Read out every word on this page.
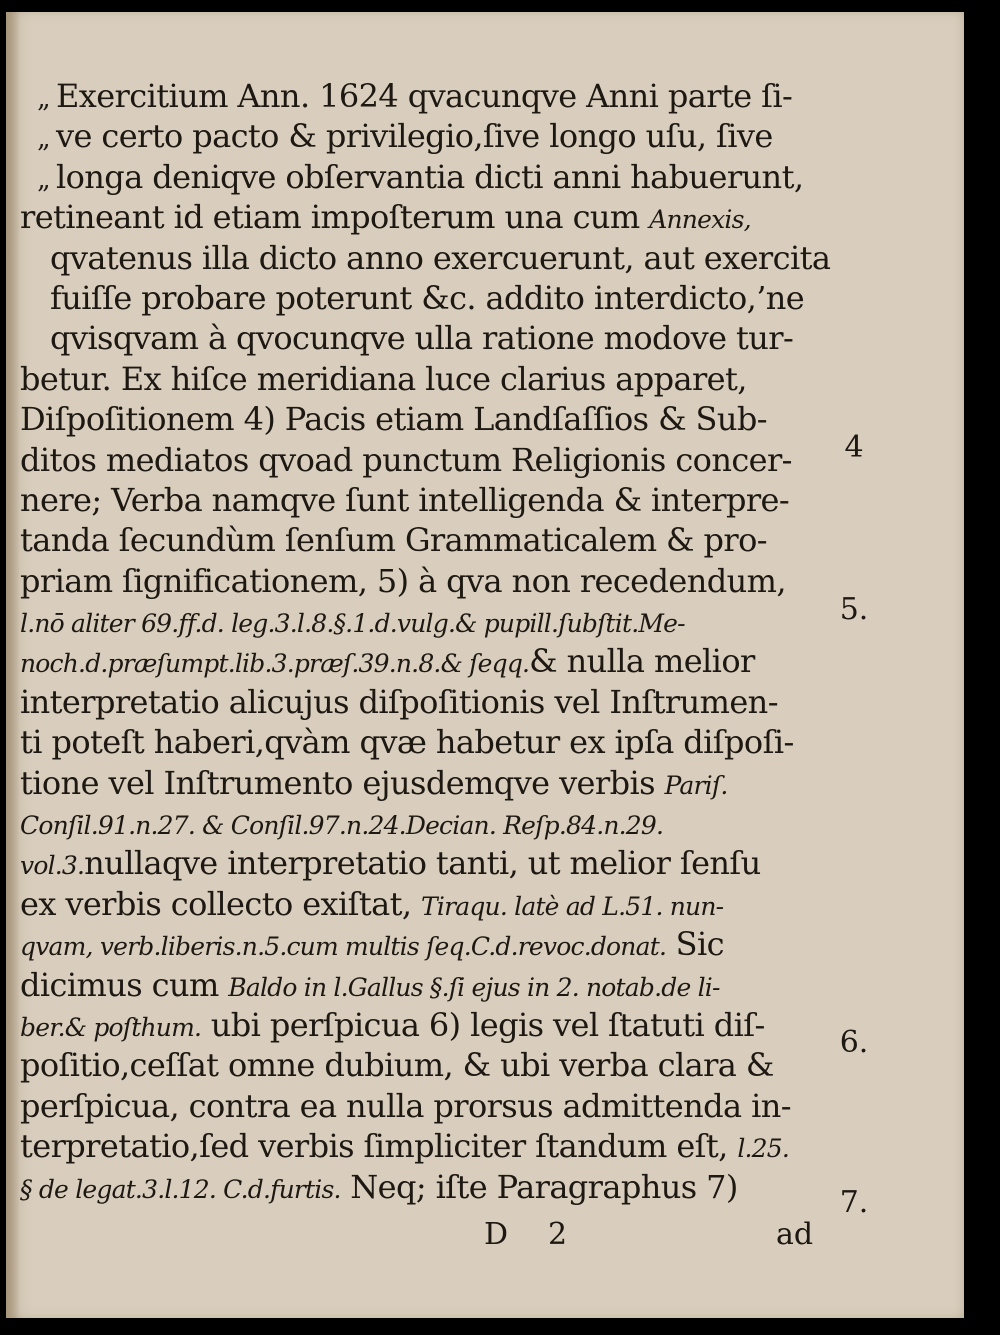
„ Exercitium Ann. 1624 qvacunqve Anni parte ſi-
„ ve certo pacto & privilegio,ſive longo uſu, ſive
„ longa deniqve obſervantia dicti anni habuerunt,
retineant id etiam impoſterum una cum Annexis,
qvatenus illa dicto anno exercuerunt, aut exercita
fuiſſe probare poterunt &c. addito interdicto,’ne
qvisqvam à qvocunqve ulla ratione modove tur-
betur. Ex hiſce meridiana luce clarius apparet,
Diſpoſitionem 4) Pacis etiam Landſaſſios & Sub-
ditos mediatos qvoad punctum Religionis concer-
nere; Verba namqve ſunt intelligenda & interpre-
tanda ſecundùm ſenſum Grammaticalem & pro-
priam ſignificationem, 5) à qva non recedendum,
l.nō aliter 69.ff.d. leg.3.l.8.§.1.d.vulg.& pupill.ſubſtit.Me-
noch.d.præſumpt.lib.3.præſ.39.n.8.& ſeqq.& nulla melior
interpretatio alicujus diſpoſitionis vel Inſtrumen-
ti poteſt haberi,qvàm qvæ habetur ex ipſa diſpoſi-
tione vel Inſtrumento ejusdemqve verbis Pariſ.
Conſil.91.n.27. & Conſil.97.n.24.Decian. Reſp.84.n.29.
vol.3.nullaqve interpretatio tanti, ut melior ſenſu
ex verbis collecto exiſtat, Tiraqu. latè ad L.51. nun-
qvam, verb.liberis.n.5.cum multis ſeq.C.d.revoc.donat. Sic
dicimus cum Baldo in l.Gallus §.ſi ejus in 2. notab.de li-
ber.& poſthum. ubi perſpicua 6) legis vel ſtatuti diſ-
poſitio,ceſſat omne dubium, & ubi verba clara &
perſpicua, contra ea nulla prorsus admittenda in-
terpretatio,ſed verbis ſimpliciter ſtandum eſt, l.25.
§ de legat.3.l.12. C.d.furtis. Neq; iſte Paragraphus 7)
4
5.
6.
7.
D 2	ad
